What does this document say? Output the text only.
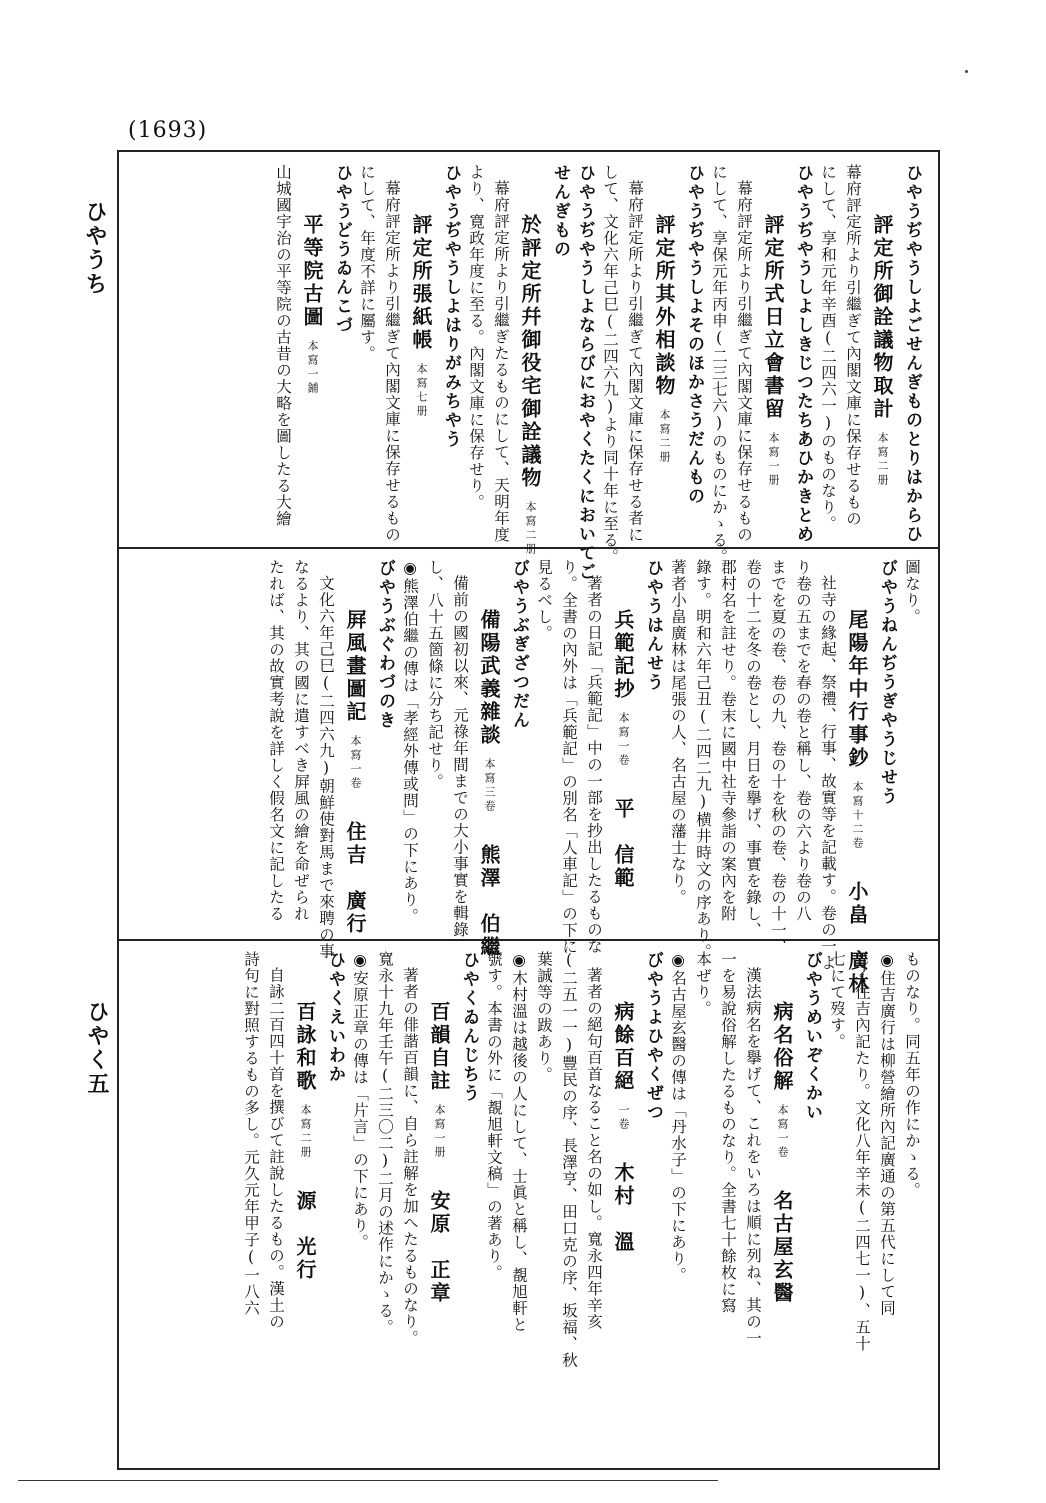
(1693)
ひやうち
ひやく五
ひやうぢやうしよごせんぎものとりはからひ
評定所御詮議物取計本寫二册
幕府評定所より引繼ぎて內閣文庫に保存せるもの
にして、享和元年辛酉(二四六一)のものなり。
ひやうぢやうしよしきじつたちあひかきとめ
評定所式日立會書留本寫一册
幕府評定所より引繼ぎて內閣文庫に保存せるもの
にして、享保元年丙申(二三七六)のものにかゝる。
ひやうぢやうしよそのほかさうだんもの
評定所其外相談物本寫二册
幕府評定所より引繼ぎて內閣文庫に保存せる者に
して、文化六年己巳(二四六九)より同十年に至る。
ひやうぢやうしよならびにおやくたくにおいてご
せんぎもの
於評定所幷御役宅御詮議物本寫二册
幕府評定所より引繼ぎたるものにして、天明年度
より、寛政年度に至る。內閣文庫に保存せり。
ひやうぢやうしよはりがみちやう
評定所張紙帳本寫七册
幕府評定所より引繼ぎて內閣文庫に保存せるもの
にして、年度不詳に屬す。
ひやうどうゐんこづ
平等院古圖本寫一鋪
山城國宇治の平等院の古昔の大略を圖したる大繪
圖なり。
びやうねんぢうぎやうじせう
尾陽年中行事鈔本寫十二卷小畠　廣林
社寺の緣起、祭禮、行事、故實等を記載す。卷の一よ
り卷の五までを春の卷と稱し、卷の六より卷の八
までを夏の卷、卷の九、卷の十を秋の卷、卷の十一、
卷の十二を冬の卷とし、月日を擧げ、事實を錄し、
郡村名を註せり。卷末に國中社寺參詣の案內を附
錄す。明和六年己丑(二四二九)横井時文の序あり。
著者小畠廣林は尾張の人、名古屋の藩士なり。
ひやうはんせう
兵範記抄本寫一卷平　信範
著者の日記「兵範記」中の一部を抄出したるものな
り。全書の內外は「兵範記」の別名「人車記」の下に
見るべし。
びやうぶぎざつだん
備陽武義雜談本寫三卷熊澤　伯繼
備前の國初以來、元祿年間までの大小事實を輯錄
し、八十五箇條に分ち記せり。
◉熊澤伯繼の傳は「孝經外傳或問」の下にあり。
びやうぶぐわづのき
屛風畫圖記本寫一卷住吉　廣行
文化六年己巳(二四六九)朝鮮使對馬まで來聘の事
なるより、其の國に遣すべき屛風の繪を命ぜられ
たれば、其の故實考說を詳しく假名文に記したる
ものなり。同五年の作にかゝる。
◉住吉廣行は柳營繪所內記廣通の第五代にして同
じく住吉內記たり。文化八年辛未(二四七一)、五十
七にて歿す。
びやうめいぞくかい
病名俗解本寫一卷名古屋玄醫
漢法病名を擧げて、これをいろは順に列ね、其の一
一を易說俗解したるものなり。全書七十餘枚に寫
本ぜり。
◉名古屋玄醫の傳は「丹水子」の下にあり。
びやうよひやくぜつ
病餘百絕一卷木村　溫
著者の絕句百首なること名の如し。寬永四年辛亥
(二五一一)豐民の序、長澤亨、田口克の序、坂福、秋
葉誠等の跋あり。
◉木村溫は越後の人にして、士眞と稱し、覩旭軒と
號す。本書の外に「覩旭軒文稿」の著あり。
ひやくゐんじちう
百韻自註本寫一册安原　正章
著者の俳諧百韻に、自ら註解を加へたるものなり。
寬永十九年壬午(二三〇二)二月の述作にかゝる。
◉安原正章の傳は「片言」の下にあり。
ひやくえいわか
百詠和歌本寫二册源　光行
自詠二百四十首を撰びて註說したるもの。漢土の
詩句に對照するもの多し。元久元年甲子(一八六
